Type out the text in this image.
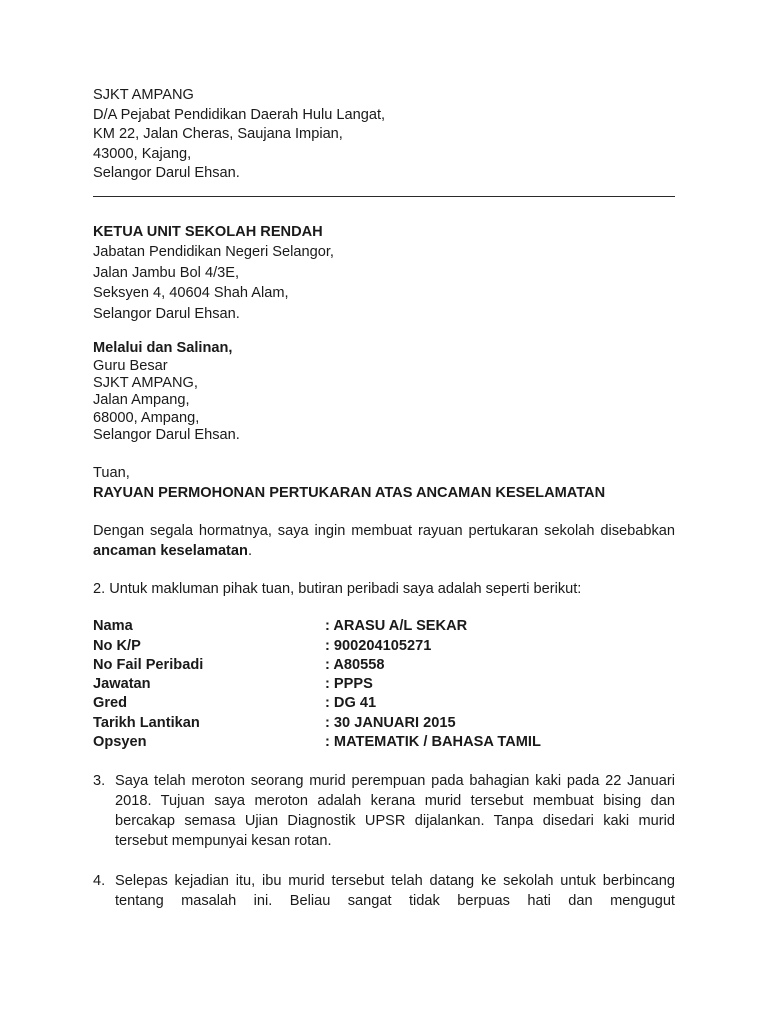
SJKT AMPANG
D/A Pejabat Pendidikan Daerah Hulu Langat,
KM 22, Jalan Cheras, Saujana Impian,
43000, Kajang,
Selangor Darul Ehsan.
KETUA UNIT SEKOLAH RENDAH
Jabatan Pendidikan Negeri Selangor,
Jalan Jambu Bol 4/3E,
Seksyen 4, 40604 Shah Alam,
Selangor Darul Ehsan.
Melalui dan Salinan,
Guru Besar
SJKT AMPANG,
Jalan Ampang,
68000, Ampang,
Selangor Darul Ehsan.
Tuan,
RAYUAN PERMOHONAN PERTUKARAN ATAS ANCAMAN KESELAMATAN
Dengan segala hormatnya, saya ingin membuat rayuan pertukaran sekolah disebabkan ancaman keselamatan.
2. Untuk makluman pihak tuan, butiran peribadi saya adalah seperti berikut:
Nama	: ARASU A/L SEKAR
No K/P	: 900204105271
No Fail Peribadi	: A80558
Jawatan	: PPPS
Gred	: DG 41
Tarikh Lantikan	: 30 JANUARI 2015
Opsyen	: MATEMATIK / BAHASA TAMIL
3. Saya telah meroton seorang murid perempuan pada bahagian kaki pada 22 Januari 2018. Tujuan saya meroton adalah kerana murid tersebut membuat bising dan bercakap semasa Ujian Diagnostik UPSR dijalankan. Tanpa disedari kaki murid tersebut mempunyai kesan rotan.
4. Selepas kejadian itu, ibu murid tersebut telah datang ke sekolah untuk berbincang tentang masalah ini. Beliau sangat tidak berpuas hati dan mengugut
